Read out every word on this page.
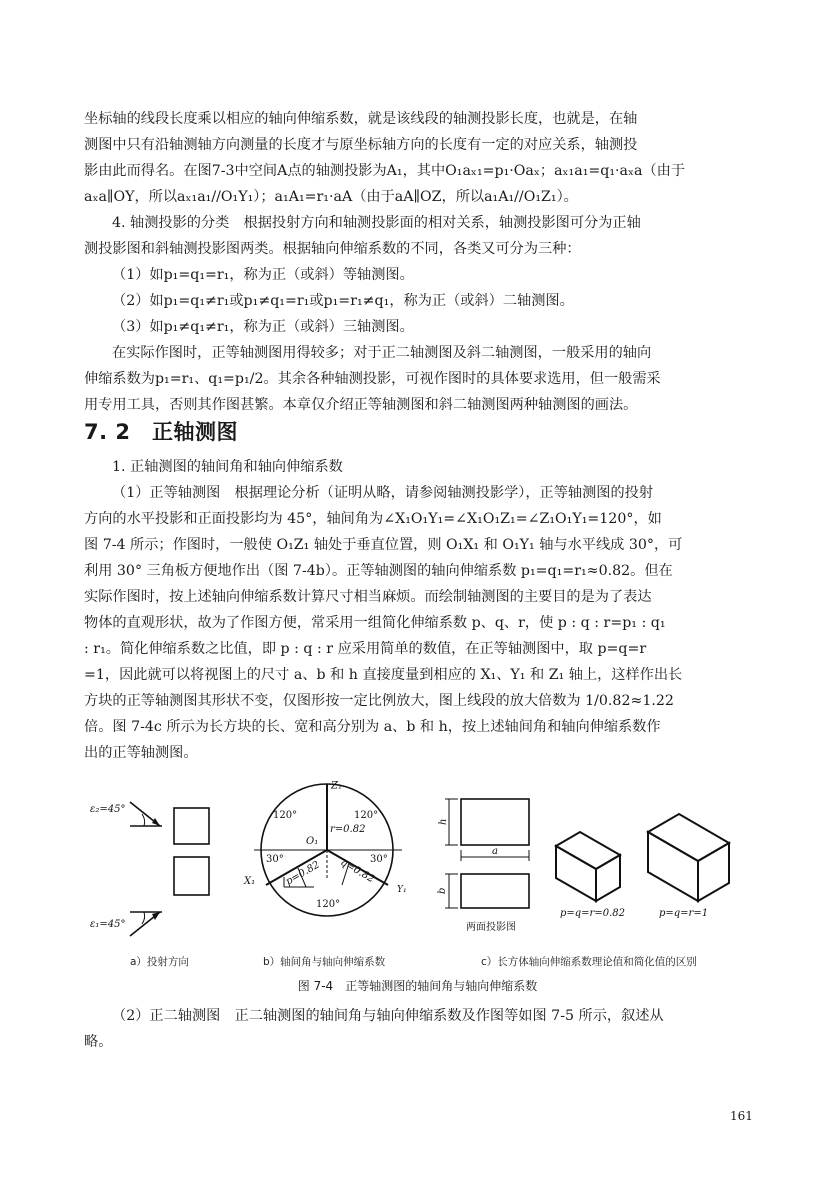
坐标轴的线段长度乘以相应的轴向伸缩系数，就是该线段的轴测投影长度，也就是，在轴

测图中只有沿轴测轴方向测量的长度才与原坐标轴方向的长度有一定的对应关系，轴测投

影由此而得名。在图7-3中空间A点的轴测投影为A₁，其中O₁aₓ₁=p₁·Oaₓ；aₓ₁a₁=q₁·aₓa（由于

aₓa∥OY，所以aₓ₁a₁//O₁Y₁）；a₁A₁=r₁·aA（由于aA∥OZ，所以a₁A₁//O₁Z₁）。

4. 轴测投影的分类　根据投射方向和轴测投影面的相对关系，轴测投影图可分为正轴

测投影图和斜轴测投影图两类。根据轴向伸缩系数的不同，各类又可分为三种：

（1）如p₁=q₁=r₁，称为正（或斜）等轴测图。

（2）如p₁=q₁≠r₁或p₁≠q₁=r₁或p₁=r₁≠q₁，称为正（或斜）二轴测图。

（3）如p₁≠q₁≠r₁，称为正（或斜）三轴测图。

在实际作图时，正等轴测图用得较多；对于正二轴测图及斜二轴测图，一般采用的轴向

伸缩系数为p₁=r₁、q₁=p₁/2。其余各种轴测投影，可视作图时的具体要求选用，但一般需采

用专用工具，否则其作图甚繁。本章仅介绍正等轴测图和斜二轴测图两种轴测图的画法。

7. 2　正轴测图

1. 正轴测图的轴间角和轴向伸缩系数

（1）正等轴测图　根据理论分析（证明从略，请参阅轴测投影学），正等轴测图的投射

方向的水平投影和正面投影均为 45°，轴间角为∠X₁O₁Y₁=∠X₁O₁Z₁=∠Z₁O₁Y₁=120°，如

图 7-4 所示；作图时，一般使 O₁Z₁ 轴处于垂直位置，则 O₁X₁ 和 O₁Y₁ 轴与水平线成 30°，可

利用 30° 三角板方便地作出（图 7-4b）。正等轴测图的轴向伸缩系数 p₁=q₁=r₁≈0.82。但在

实际作图时，按上述轴向伸缩系数计算尺寸相当麻烦。而绘制轴测图的主要目的是为了表达

物体的直观形状，故为了作图方便，常采用一组简化伸缩系数 p、q、r，使 p : q : r=p₁ : q₁

: r₁。简化伸缩系数之比值，即 p : q : r 应采用简单的数值，在正等轴测图中，取 p=q=r

=1，因此就可以将视图上的尺寸 a、b 和 h 直接度量到相应的 X₁、Y₁ 和 Z₁ 轴上，这样作出长

方块的正等轴测图其形状不变，仅图形按一定比例放大，图上线段的放大倍数为 1/0.82≈1.22

倍。图 7-4c 所示为长方块的长、宽和高分别为 a、b 和 h，按上述轴间角和轴向伸缩系数作

出的正等轴测图。

ε₂=45°
ε₁=45°
Z₁
O₁
X₁
Y₁
120°	120°
120°
30°	30°
r=0.82
p=0.82 q=0.82
h
a
b
两面投影图
p=q=r=0.82	p=q=r=1
a）投射方向	b）轴间角与轴向伸缩系数	c）长方体轴向伸缩系数理论值和简化值的区别
图 7-4　正等轴测图的轴间角与轴向伸缩系数

（2）正二轴测图　正二轴测图的轴间角与轴向伸缩系数及作图等如图 7-5 所示，叙述从

略。

161
